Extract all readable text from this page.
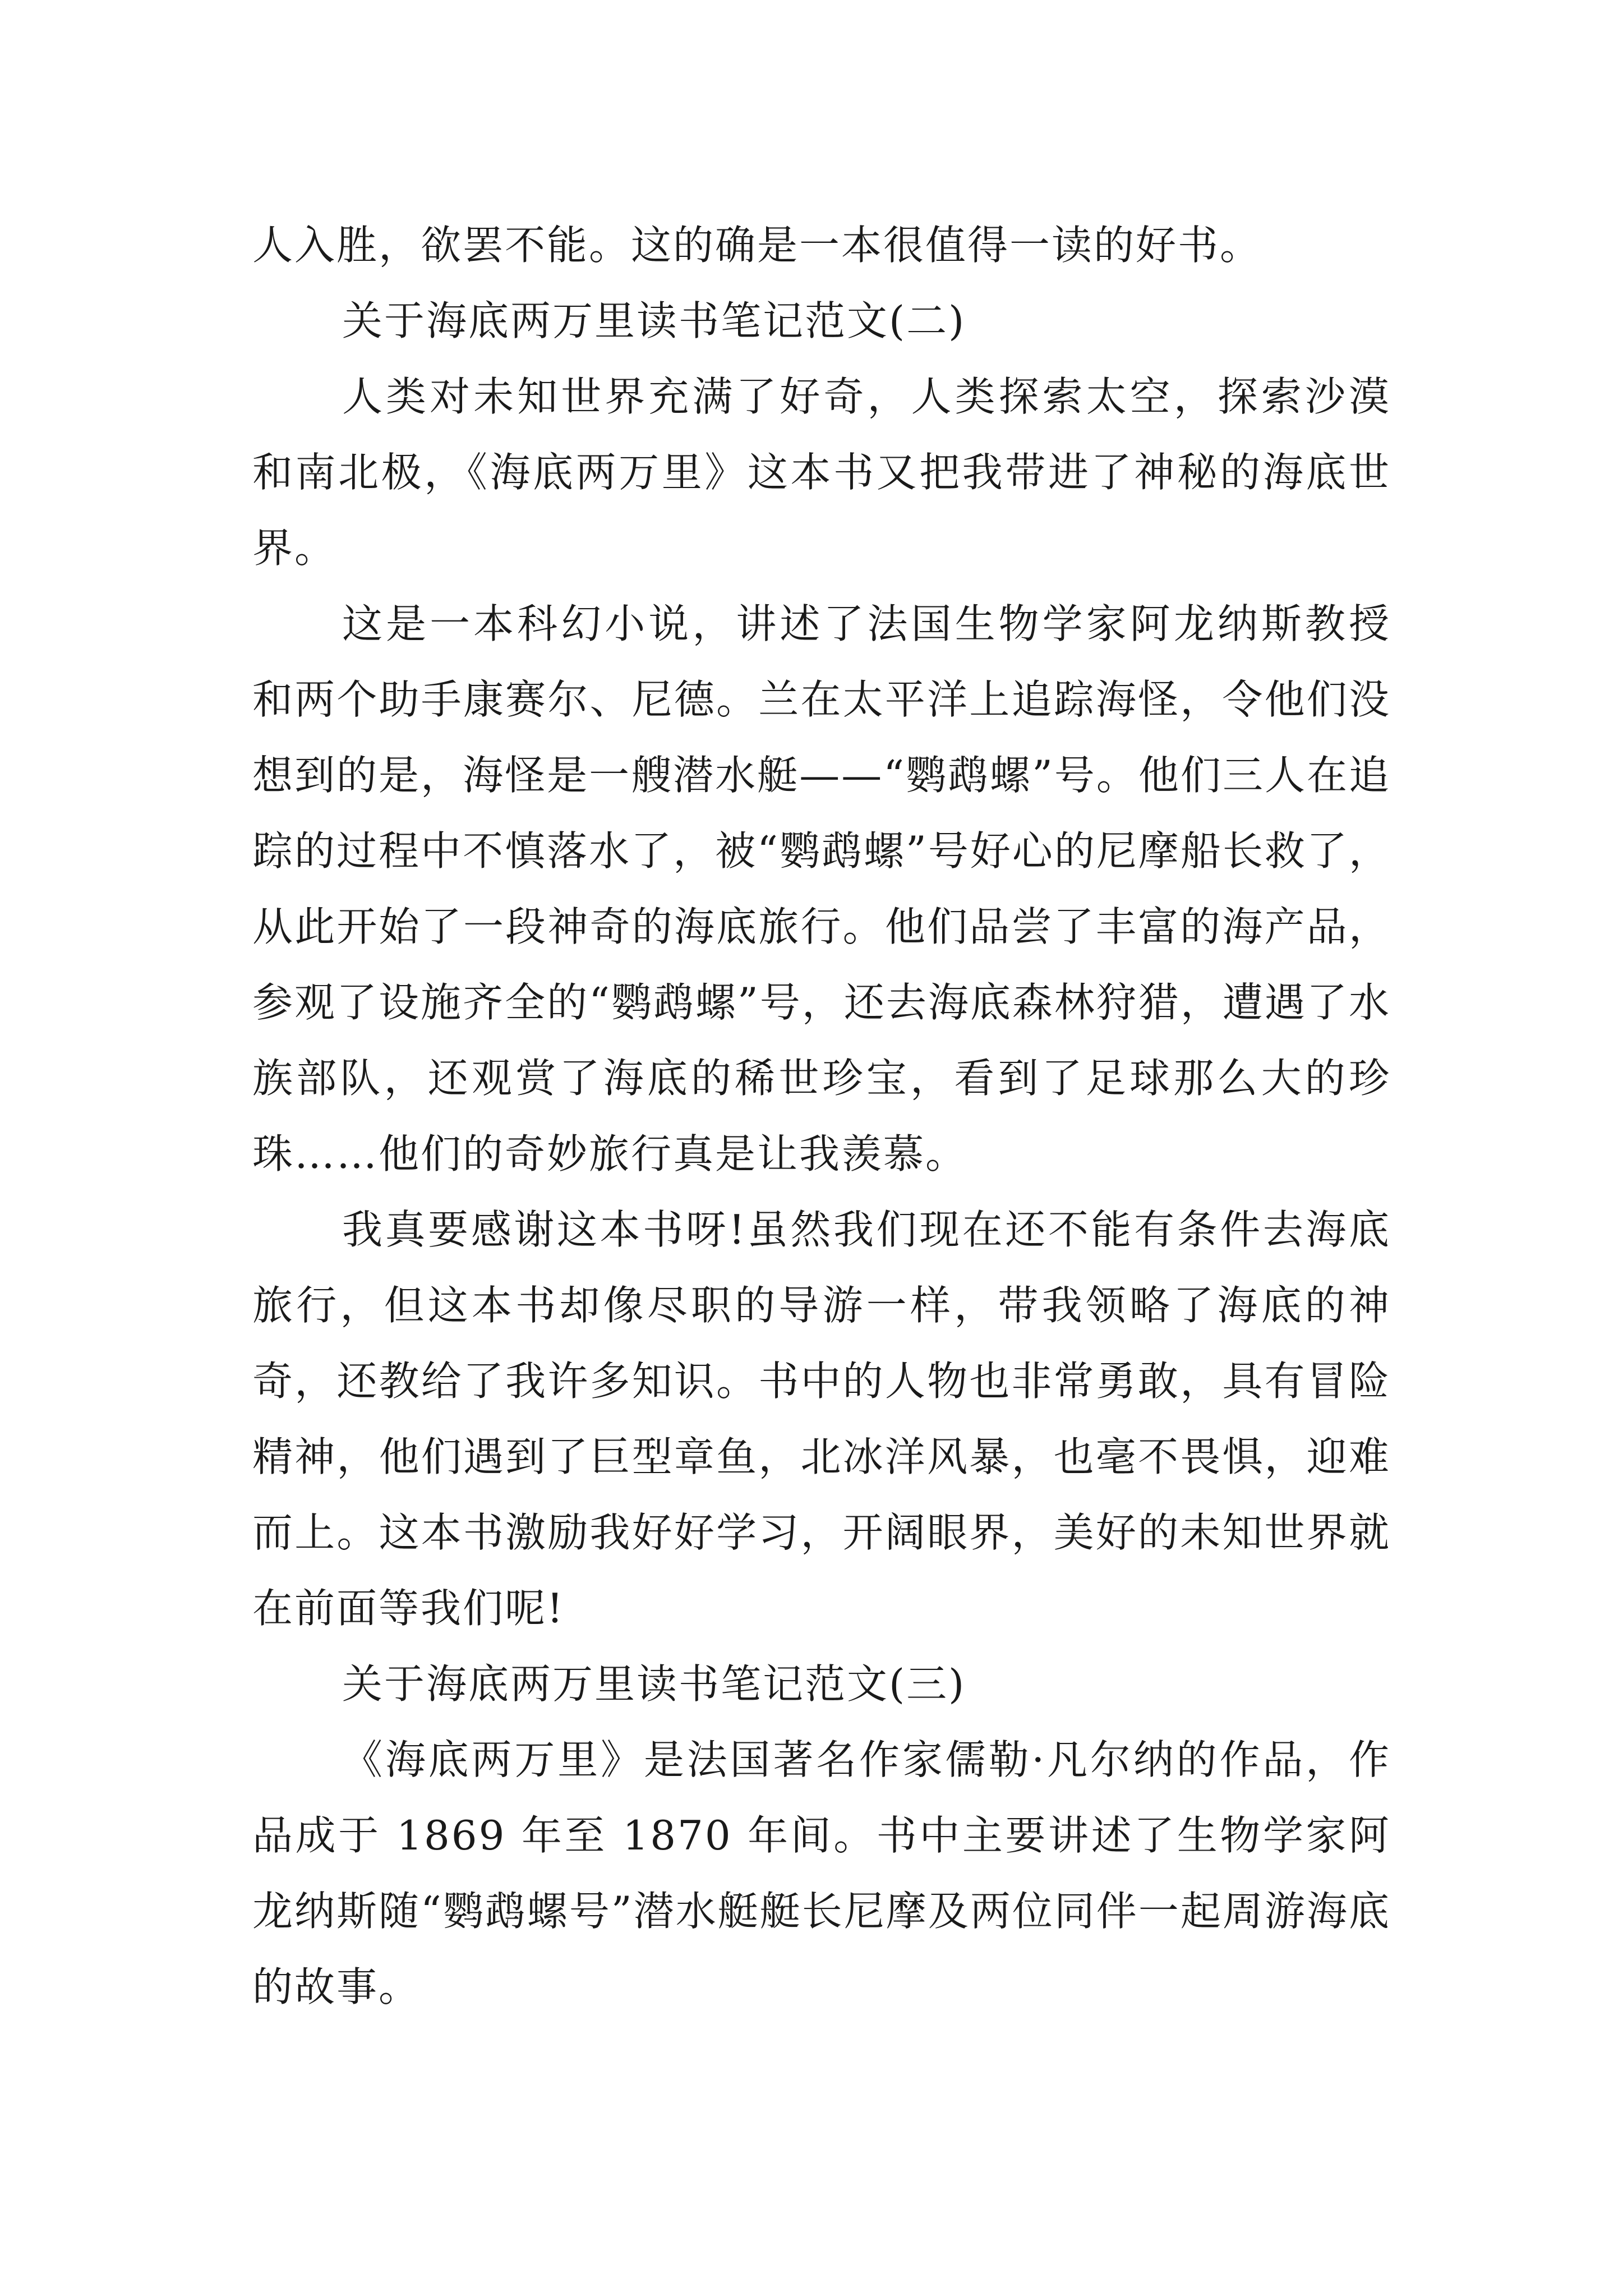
人入胜，欲罢不能。这的确是一本很值得一读的好书。

关于海底两万里读书笔记范文(二)

人类对未知世界充满了好奇，人类探索太空，探索沙漠和南北极，《海底两万里》这本书又把我带进了神秘的海底世界。

这是一本科幻小说，讲述了法国生物学家阿龙纳斯教授和两个助手康赛尔、尼德。兰在太平洋上追踪海怪，令他们没想到的是，海怪是一艘潜水艇——“鹦鹉螺”号。他们三人在追踪的过程中不慎落水了，被“鹦鹉螺”号好心的尼摩船长救了，从此开始了一段神奇的海底旅行。他们品尝了丰富的海产品，参观了设施齐全的“鹦鹉螺”号，还去海底森林狩猎，遭遇了水族部队，还观赏了海底的稀世珍宝，看到了足球那么大的珍珠……他们的奇妙旅行真是让我羡慕。

我真要感谢这本书呀!虽然我们现在还不能有条件去海底旅行，但这本书却像尽职的导游一样，带我领略了海底的神奇，还教给了我许多知识。书中的人物也非常勇敢，具有冒险精神，他们遇到了巨型章鱼，北冰洋风暴，也毫不畏惧，迎难而上。这本书激励我好好学习，开阔眼界，美好的未知世界就在前面等我们呢!

关于海底两万里读书笔记范文(三)

《海底两万里》是法国著名作家儒勒·凡尔纳的作品，作品成于 1869 年至 1870 年间。书中主要讲述了生物学家阿龙纳斯随“鹦鹉螺号”潜水艇艇长尼摩及两位同伴一起周游海底的故事。
